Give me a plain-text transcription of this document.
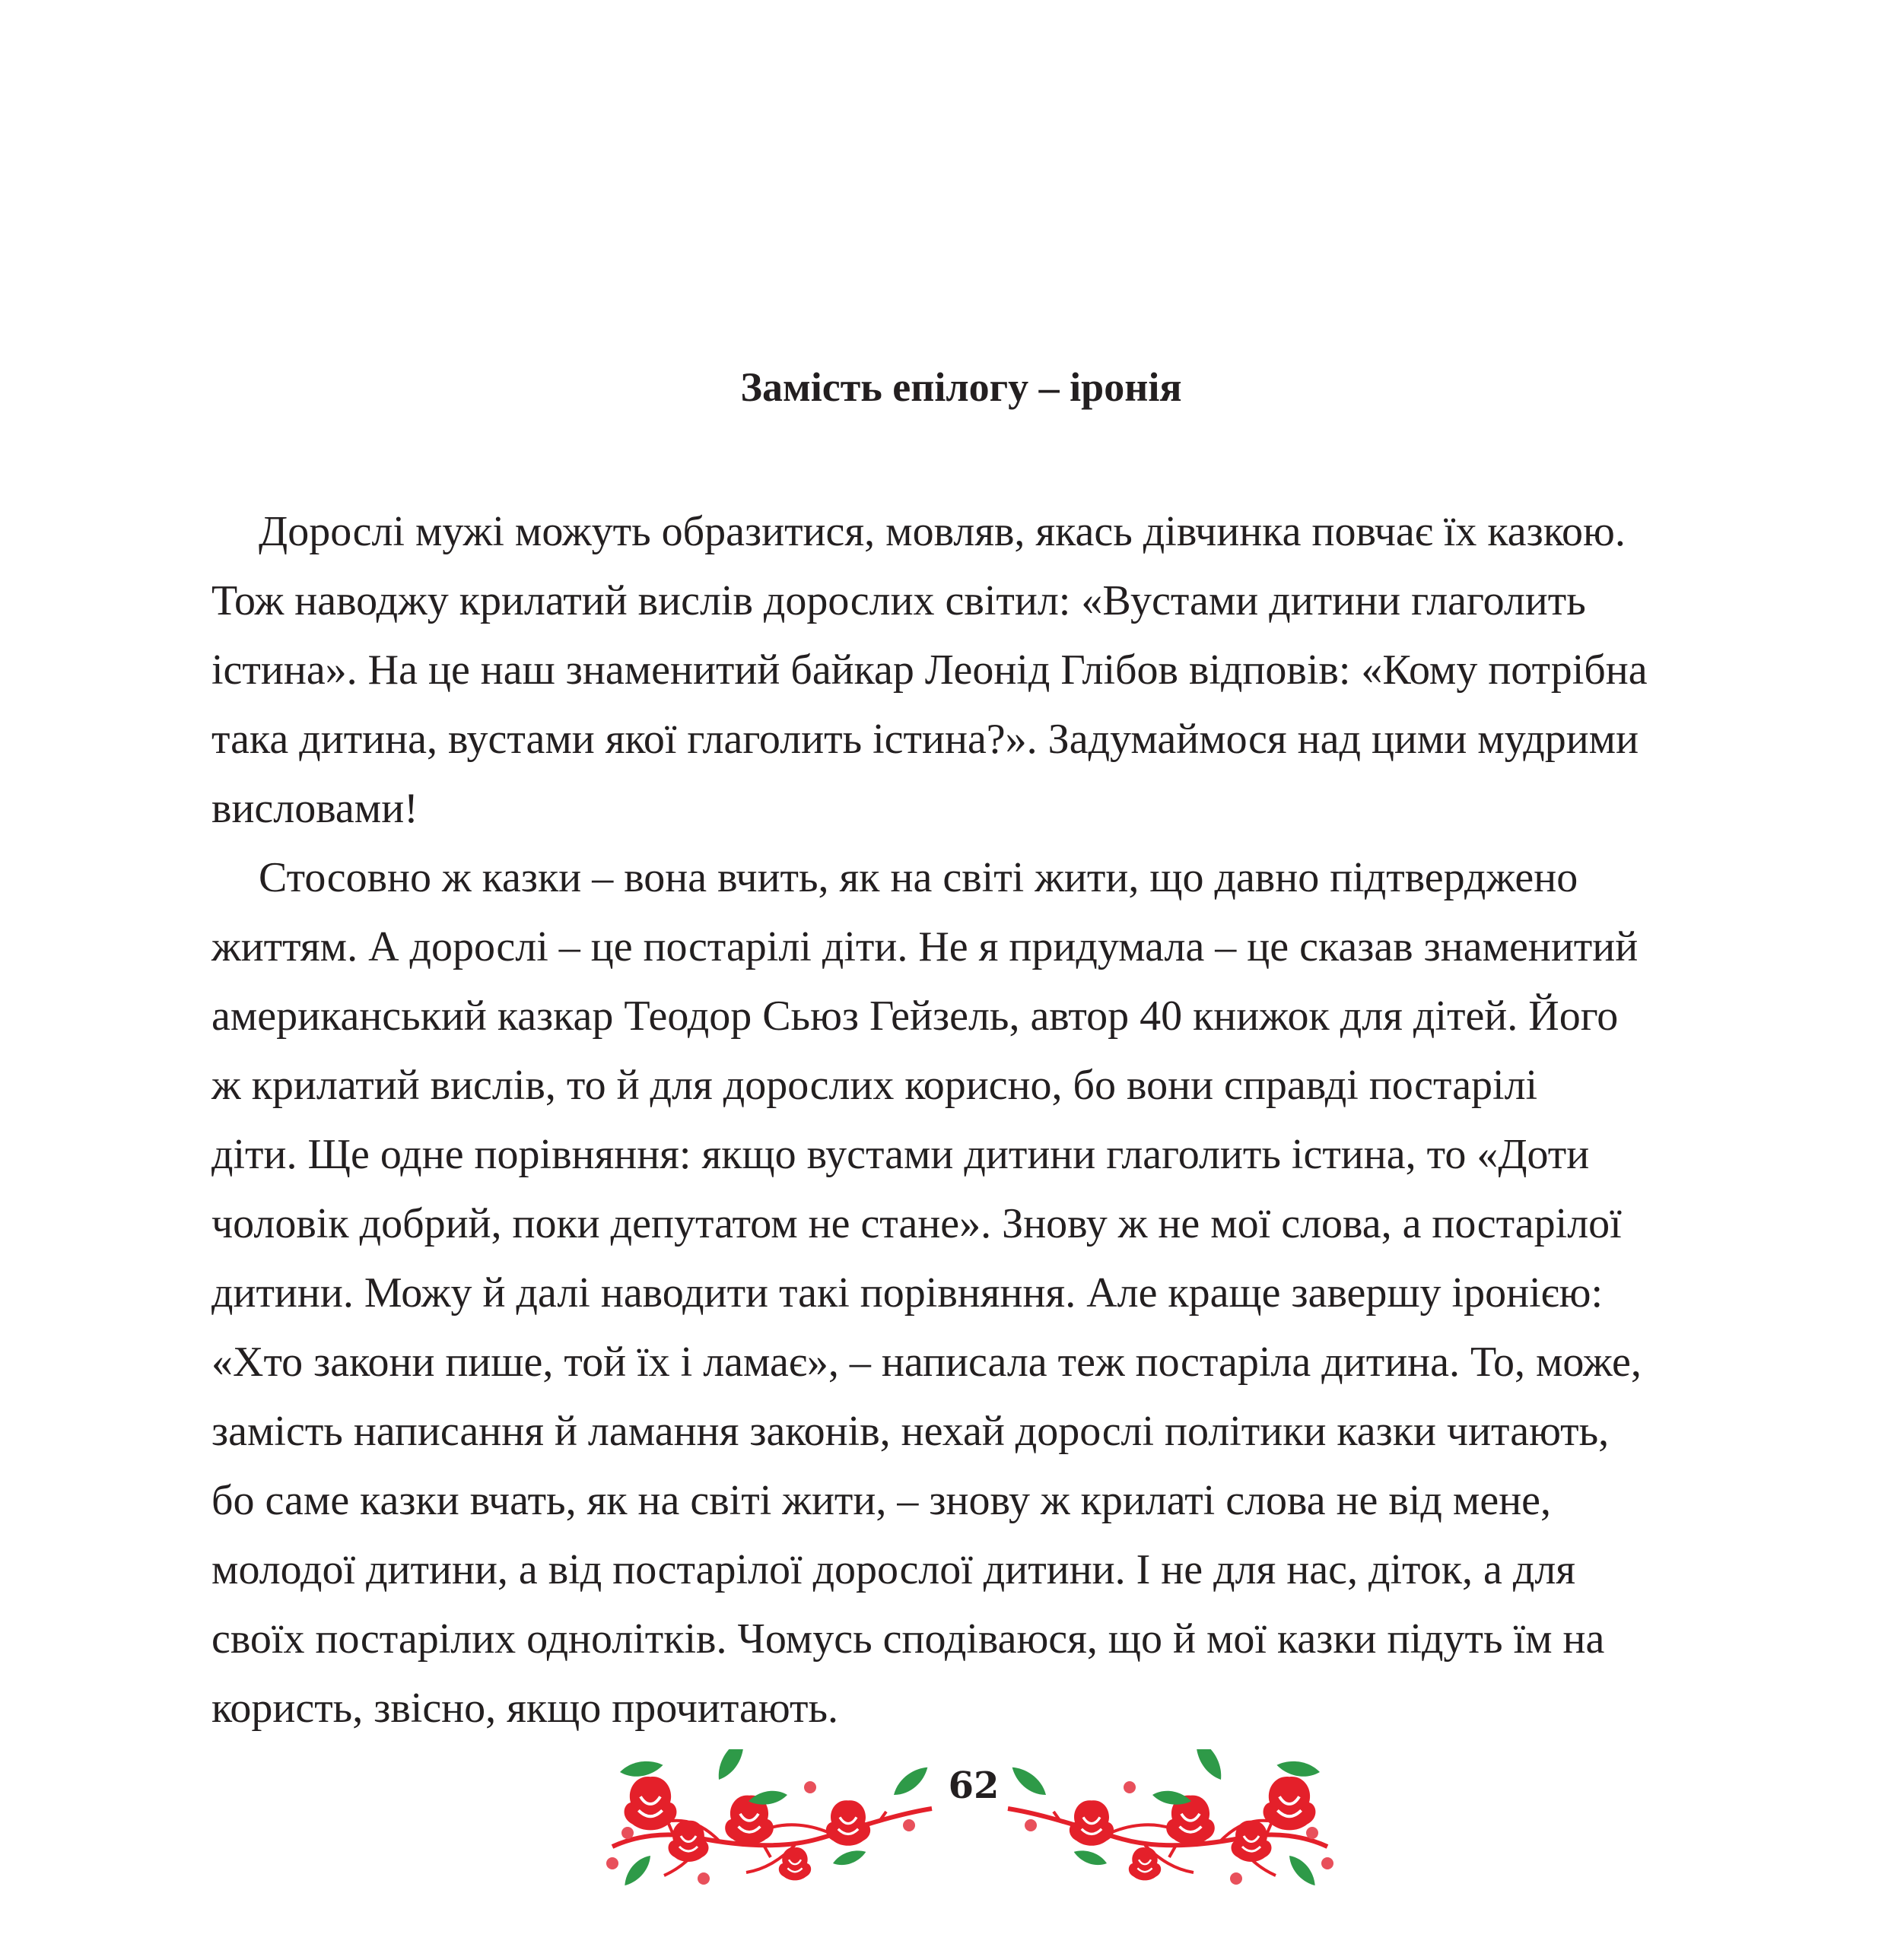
Замість епілогу – іронія
Дорослі мужі можуть образитися, мовляв, якась дівчинка повчає їх казкою.
Тож наводжу крилатий вислів дорослих світил: «Вустами дитини глаголить
істина». На це наш знаменитий байкар Леонід Глібов відповів: «Кому потрібна
така дитина, вустами якої глаголить істина?». Задумаймося над цими мудрими
висловами!
Стосовно ж казки – вона вчить, як на світі жити, що давно підтверджено
життям. А дорослі – це постарілі діти. Не я придумала – це сказав знаменитий
американський казкар Теодор Сьюз Гейзель, автор 40 книжок для дітей. Його
ж крилатий вислів, то й для дорослих корисно, бо вони справді постарілі
діти. Ще одне порівняння: якщо вустами дитини глаголить істина, то «Доти
чоловік добрий, поки депутатом не стане». Знову ж не мої слова, а постарілої
дитини. Можу й далі наводити такі порівняння. Але краще завершу іронією:
«Хто закони пише, той їх і ламає», – написала теж постаріла дитина. То, може,
замість написання й ламання законів, нехай дорослі політики казки читають,
бо саме казки вчать, як на світі жити, – знову ж крилаті слова не від мене,
молодої дитини, а від постарілої дорослої дитини. І не для нас, діток, а для
своїх постарілих однолітків. Чомусь сподіваюся, що й мої казки підуть їм на
користь, звісно, якщо прочитають.
62
